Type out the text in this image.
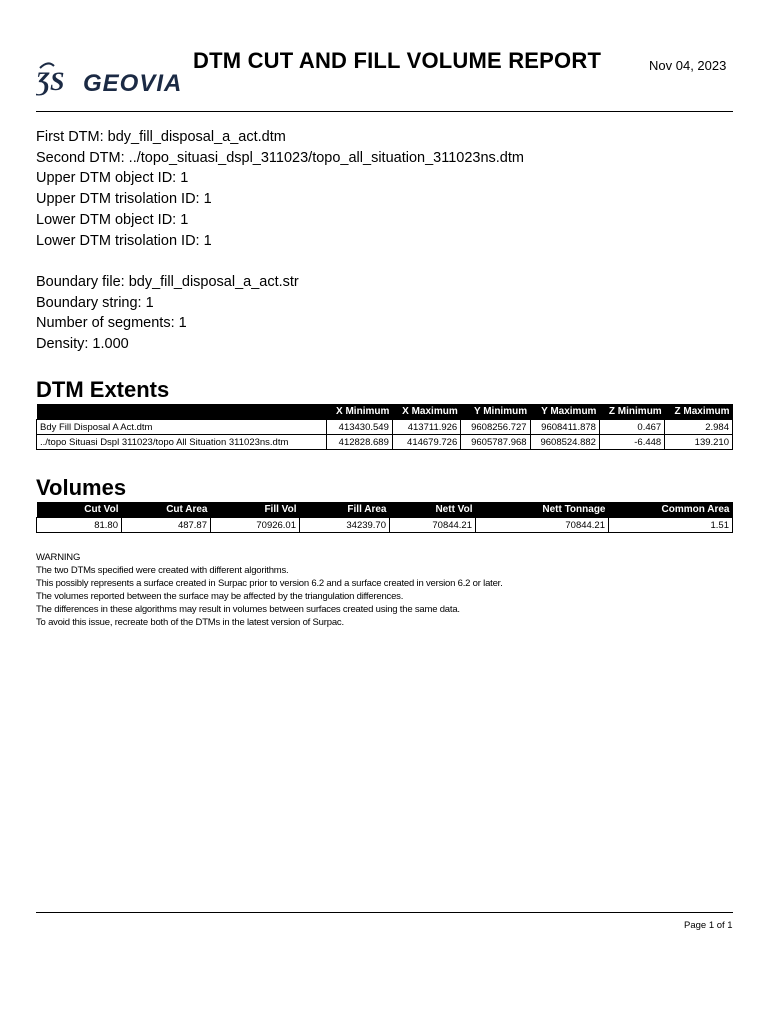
ƷS GEOVIA
DTM CUT AND FILL VOLUME REPORT	Nov 04, 2023
First DTM: bdy_fill_disposal_a_act.dtm
Second DTM: ../topo_situasi_dspl_311023/topo_all_situation_311023ns.dtm
Upper DTM object ID: 1
Upper DTM trisolation ID: 1
Lower DTM object ID: 1
Lower DTM trisolation ID: 1
Boundary file: bdy_fill_disposal_a_act.str
Boundary string: 1
Number of segments: 1
Density: 1.000
DTM Extents
	X Minimum	X Maximum	Y Minimum	Y Maximum	Z Minimum	Z Maximum
Bdy Fill Disposal A Act.dtm	413430.549	413711.926	9608256.727	9608411.878	0.467	2.984
../topo Situasi Dspl 311023/topo All Situation 311023ns.dtm	412828.689	414679.726	9605787.968	9608524.882	-6.448	139.210
Volumes
Cut Vol	Cut Area	Fill Vol	Fill Area	Nett Vol	Nett Tonnage	Common Area
81.80	487.87	70926.01	34239.70	70844.21	70844.21	1.51
WARNING
The two DTMs specified were created with different algorithms.
This possibly represents a surface created in Surpac prior to version 6.2 and a surface created in version 6.2 or later.
The volumes reported between the surface may be affected by the triangulation differences.
The differences in these algorithms may result in volumes between surfaces created using the same data.
To avoid this issue, recreate both of the DTMs in the latest version of Surpac.
Page 1 of 1
